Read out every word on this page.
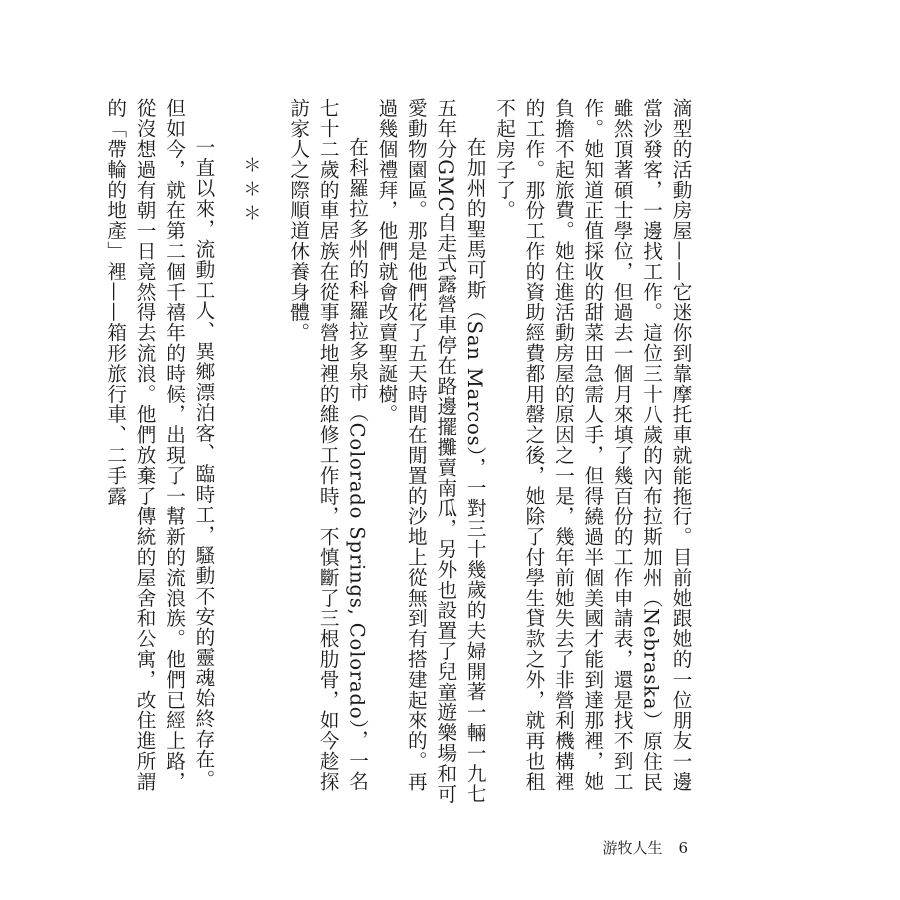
滴型的活動房屋——它迷你到靠摩托車就能拖行。目前她跟她的一位朋友一邊當沙發客，一邊找工作。這位三十八歲的內布拉斯加州（Nebraska）原住民雖然頂著碩士學位，但過去一個月來填了幾百份的工作申請表，還是找不到工作。她知道正值採收的甜菜田急需人手，但得繞過半個美國才能到達那裡，她負擔不起旅費。她住進活動房屋的原因之一是，幾年前她失去了非營利機構裡的工作。那份工作的資助經費都用罄之後，她除了付學生貸款之外，就再也租不起房子了。

在加州的聖馬可斯（San Marcos），一對三十幾歲的夫婦開著一輛一九七五年分GMC自走式露營車停在路邊擺攤賣南瓜，另外也設置了兒童遊樂場和可愛動物園區。那是他們花了五天時間在閒置的沙地上從無到有搭建起來的。再過幾個禮拜，他們就會改賣聖誕樹。

在科羅拉多州的科羅拉多泉市（Colorado Springs, Colorado），一名七十二歲的車居族在從事營地裡的維修工作時，不慎斷了三根肋骨，如今趁探訪家人之際順道休養身體。

＊＊＊

一直以來，流動工人、異鄉漂泊客、臨時工，騷動不安的靈魂始終存在。但如今，就在第二個千禧年的時候，出現了一幫新的流浪族。他們已經上路，從沒想過有朝一日竟然得去流浪。他們放棄了傳統的屋舍和公寓，改住進所謂的「帶輪的地產」裡——箱形旅行車、二手露

游牧人生 6
